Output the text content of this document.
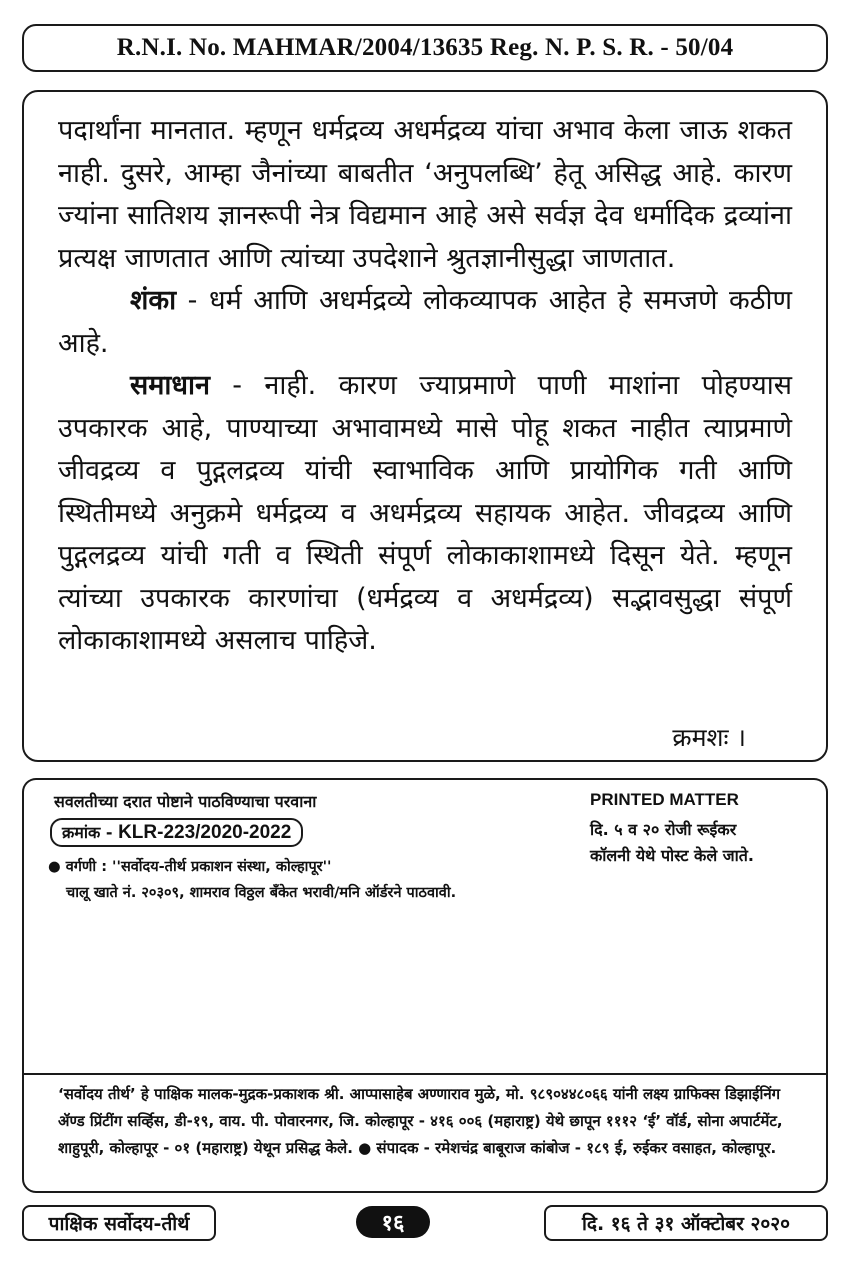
R.N.I. No. MAHMAR/2004/13635 Reg. N. P. S. R. - 50/04

पदार्थांना मानतात. म्हणून धर्मद्रव्य अधर्मद्रव्य यांचा अभाव केला जाऊ शकत नाही. दुसरे, आम्हा जैनांच्या बाबतीत ‘अनुपलब्धि’ हेतू असिद्ध आहे. कारण ज्यांना सातिशय ज्ञानरूपी नेत्र विद्यमान आहे असे सर्वज्ञ देव धर्मादिक द्रव्यांना प्रत्यक्ष जाणतात आणि त्यांच्या उपदेशाने श्रुतज्ञानीसुद्धा जाणतात.

शंका - धर्म आणि अधर्मद्रव्ये लोकव्यापक आहेत हे समजणे कठीण आहे.

समाधान - नाही. कारण ज्याप्रमाणे पाणी माशांना पोहण्यास उपकारक आहे, पाण्याच्या अभावामध्ये मासे पोहू शकत नाहीत त्याप्रमाणे जीवद्रव्य व पुद्गलद्रव्य यांची स्वाभाविक आणि प्रायोगिक गती आणि स्थितीमध्ये अनुक्रमे धर्मद्रव्य व अधर्मद्रव्य सहायक आहेत. जीवद्रव्य आणि पुद्गलद्रव्य यांची गती व स्थिती संपूर्ण लोकाकाशामध्ये दिसून येते. म्हणून त्यांच्या उपकारक कारणांचा (धर्मद्रव्य व अधर्मद्रव्य) सद्भावसुद्धा संपूर्ण लोकाकाशामध्ये असलाच पाहिजे.

क्रमशः ।
सवलतीच्या दरात पोष्टाने पाठविण्याचा परवाना
क्रमांक - KLR-223/2020-2022
● वर्गणी : ''सर्वोदय-तीर्थ प्रकाशन संस्था, कोल्हापूर''
चालू खाते नं. २०३०९, शामराव विठ्ठल बँकेत भरावी/मनि ऑर्डरने पाठवावी.
PRINTED MATTER
दि. ५ व २० रोजी रूईकर
कॉलनी येथे पोस्ट केले जाते.
‘सर्वोदय तीर्थ’ हे पाक्षिक मालक-मुद्रक-प्रकाशक श्री. आप्पासाहेब अण्णाराव मुळे, मो. ९८९०४४८०६६ यांनी लक्ष्य ग्राफिक्स डिझाईनिंग ॲण्ड प्रिंटींग सर्व्हिस, डी-१९, वाय. पी. पोवारनगर, जि. कोल्हापूर - ४१६ ००६ (महाराष्ट्र) येथे छापून १११२ ‘ई’ वॉर्ड, सोना अपार्टमेंट, शाहुपूरी, कोल्हापूर - ०१ (महाराष्ट्र) येथून प्रसिद्ध केले. ● संपादक - रमेशचंद्र बाबूराज कांबोज - १८९ ई, रुईकर वसाहत, कोल्हापूर.
पाक्षिक सर्वोदय-तीर्थ	१६	दि. १६ ते ३१ ऑक्टोबर २०२०
